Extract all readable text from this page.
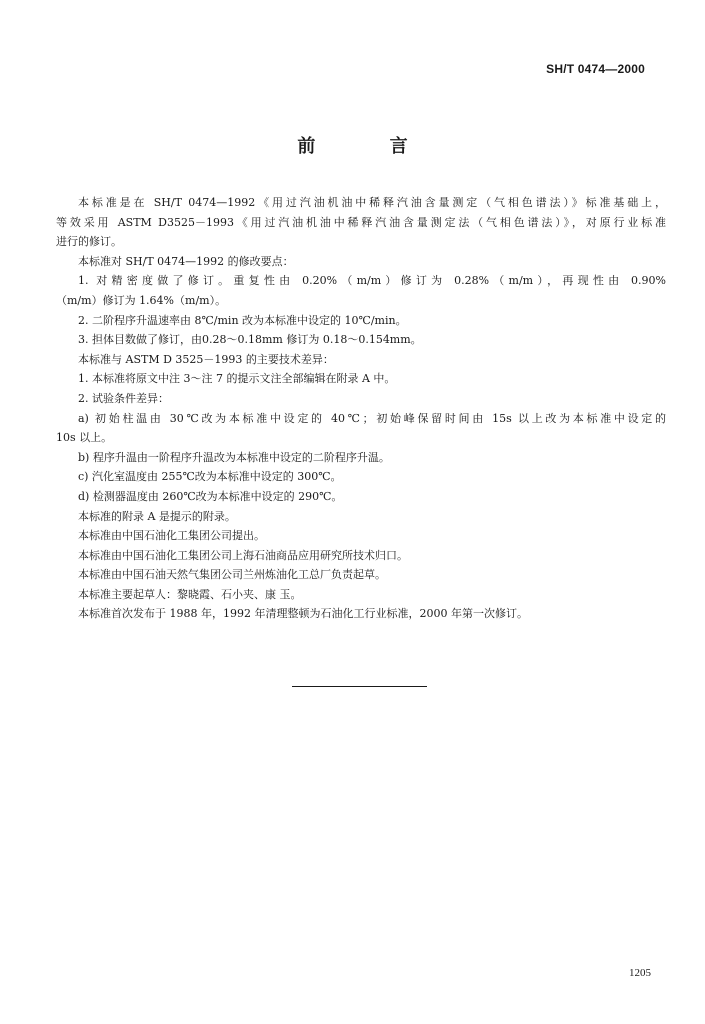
SH/T 0474—2000
前 言

本标准是在 SH/T 0474—1992《用过汽油机油中稀释汽油含量测定（气相色谱法）》标准基础上，

等效采用 ASTM D3525－1993《用过汽油机油中稀释汽油含量测定法（气相色谱法）》，对原行业标准

进行的修订。

本标准对 SH/T 0474—1992 的修改要点：

1. 对精密度做了修订。重复性由 0.20%（m/m）修订为 0.28%（m/m），再现性由 0.90%

（m/m）修订为 1.64%（m/m）。

2. 二阶程序升温速率由 8℃/min 改为本标准中设定的 10℃/min。

3. 担体目数做了修订，由0.28～0.18mm 修订为 0.18～0.154mm。

本标准与 ASTM D 3525－1993 的主要技术差异：

1. 本标准将原文中注 3～注 7 的提示文注全部编辑在附录 A 中。

2. 试验条件差异：

a) 初始柱温由 30℃改为本标准中设定的 40℃；初始峰保留时间由 15s 以上改为本标准中设定的

10s 以上。

b) 程序升温由一阶程序升温改为本标准中设定的二阶程序升温。

c) 汽化室温度由 255℃改为本标准中设定的 300℃。

d) 检测器温度由 260℃改为本标准中设定的 290℃。

本标准的附录 A 是提示的附录。

本标准由中国石油化工集团公司提出。

本标准由中国石油化工集团公司上海石油商品应用研究所技术归口。

本标准由中国石油天然气集团公司兰州炼油化工总厂负责起草。

本标准主要起草人：黎晓霞、石小夹、康 玉。

本标准首次发布于 1988 年，1992 年清理整顿为石油化工行业标准，2000 年第一次修订。

1205
